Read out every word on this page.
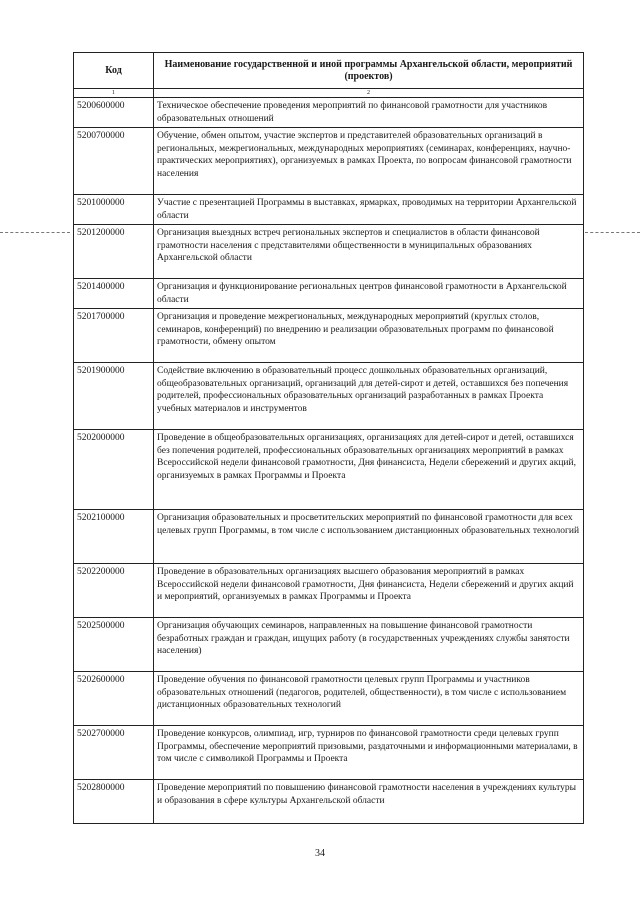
Код	Наименование государственной и иной программы Архангельской области, мероприятий (проектов)
1	2
5200600000	Техническое обеспечение проведения мероприятий по финансовой грамотности для участников образовательных отношений
5200700000	Обучение, обмен опытом, участие экспертов и представителей образовательных организаций в региональных, межрегиональных, международных мероприятиях (семинарах, конференциях, научно-практических мероприятиях), организуемых в рамках Проекта, по вопросам финансовой грамотности населения
5201000000	Участие с презентацией Программы в выставках, ярмарках, проводимых на территории Архангельской области
5201200000	Организация выездных встреч региональных экспертов и специалистов в области финансовой грамотности населения с представителями общественности в муниципальных образованиях Архангельской области
5201400000	Организация и функционирование региональных центров финансовой грамотности в Архангельской области
5201700000	Организация и проведение межрегиональных, международных мероприятий (круглых столов, семинаров, конференций) по внедрению и реализации образовательных программ по финансовой грамотности, обмену опытом
5201900000	Содействие включению в образовательный процесс дошкольных образовательных организаций, общеобразовательных организаций, организаций для детей-сирот и детей, оставшихся без попечения родителей, профессиональных образовательных организаций разработанных в рамках Проекта учебных материалов и инструментов
5202000000	Проведение в общеобразовательных организациях, организациях для детей-сирот и детей, оставшихся без попечения родителей, профессиональных образовательных организациях мероприятий в рамках Всероссийской недели финансовой грамотности, Дня финансиста, Недели сбережений и других акций, организуемых в рамках Программы и Проекта
5202100000	Организация образовательных и просветительских мероприятий по финансовой грамотности для всех целевых групп Программы, в том числе с использованием дистанционных образовательных технологий
5202200000	Проведение в образовательных организациях высшего образования мероприятий в рамках Всероссийской недели финансовой грамотности, Дня финансиста, Недели сбережений и других акций и мероприятий, организуемых в рамках Программы и Проекта
5202500000	Организация обучающих семинаров, направленных на повышение финансовой грамотности безработных граждан и граждан, ищущих работу (в государственных учреждениях службы занятости населения)
5202600000	Проведение обучения по финансовой грамотности целевых групп Программы и участников образовательных отношений (педагогов, родителей, общественности), в том числе с использованием дистанционных образовательных технологий
5202700000	Проведение конкурсов, олимпиад, игр, турниров по финансовой грамотности среди целевых групп Программы, обеспечение мероприятий призовыми, раздаточными и информационными материалами, в том числе с символикой Программы и Проекта
5202800000	Проведение мероприятий по повышению финансовой грамотности населения в учреждениях культуры и образования в сфере культуры Архангельской области
34
